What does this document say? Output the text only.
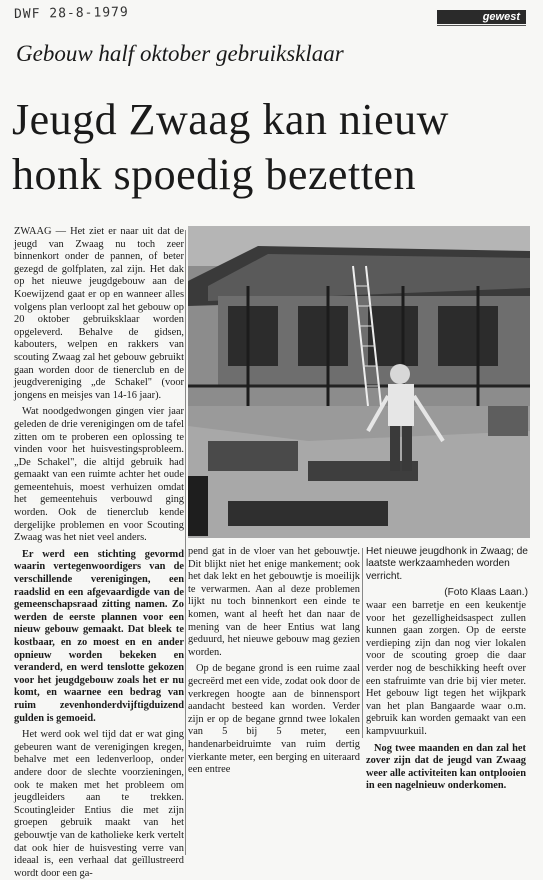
DWF 28-8-1979	gewest
Gebouw half oktober gebruiksklaar
Jeugd Zwaag kan nieuw
honk spoedig bezetten

ZWAAG — Het ziet er naar uit dat de jeugd van Zwaag nu toch zeer binnenkort onder de pannen, of beter gezegd de golfplaten, zal zijn. Het dak op het nieuwe jeugdgebouw aan de Koewijzend gaat er op en wanneer alles volgens plan verloopt zal het gebouw op 20 oktober gebruiksklaar worden opgeleverd. Behalve de gidsen, kabouters, welpen en rakkers van scouting Zwaag zal het gebouw gebruikt gaan worden door de tienerclub en de jeugdvereniging „de Schakel" (voor jongens en meisjes van 14-16 jaar).

Wat noodgedwongen gingen vier jaar geleden de drie verenigingen om de tafel zitten om te proberen een oplossing te vinden voor het huisvestingsprobleem. „De Schakel", die altijd gebruik had gemaakt van een ruimte achter het oude gemeentehuis, moest verhuizen omdat het gemeentehuis verbouwd ging worden. Ook de tienerclub kende dergelijke problemen en voor Scouting Zwaag was het niet veel anders.

Er werd een stichting gevormd waarin vertegenwoordigers van de verschillende verenigingen, een raadslid en een afgevaardigde van de gemeenschapsraad zitting namen. Zo werden de eerste plannen voor een nieuw gebouw gemaakt. Dat bleek te kostbaar, en zo moest en en ander opnieuw worden bekeken en veranderd, en werd tenslotte gekozen voor het jeugdgebouw zoals het er nu komt, en waarnee een bedrag van ruim zevenhonderdvijftigduizend gulden is gemoeid.

Het werd ook wel tijd dat er wat ging gebeuren want de verenigingen kregen, behalve met een ledenverloop, onder andere door de slechte voorzieningen, ook te maken met het probleem om jeugdleiders aan te trekken. Scoutingleider Entius die met zijn groepen gebruik maakt van het gebouwtje van de katholieke kerk vertelt dat ook hier de huisvesting verre van ideaal is, een verhaal dat geïllustreerd wordt door een ga-

pend gat in de vloer van het gebouwtje. Dit blijkt niet het enige mankement; ook het dak lekt en het gebouwtje is moeilijk te verwarmen. Aan al deze problemen lijkt nu toch binnenkort een einde te komen, want al heeft het dan naar de mening van de heer Entius wat lang geduurd, het nieuwe gebouw mag gezien worden.

Op de begane grond is een ruime zaal gecreërd met een vide, zodat ook door de verkregen hoogte aan de binnensport aandacht besteed kan worden. Verder zijn er op de begane grnnd twee lokalen van 5 bij 5 meter, een handenarbeidruimte van ruim dertig vierkante meter, een berging en uiteraard een entree

Het nieuwe jeugdhonk in Zwaag; de laatste werkzaamheden worden verricht.
(Foto Klaas Laan.)

waar een barretje en een keukentje voor het gezelligheidsaspect zullen kunnen gaan zorgen. Op de eerste verdieping zijn dan nog vier lokalen voor de scouting groep die daar verder nog de beschikking heeft over een stafruimte van drie bij vier meter. Het gebouw ligt tegen het wijkpark van het plan Bangaarde waar o.m. gebruik kan worden gemaakt van een kampvuurkuil.

Nog twee maanden en dan zal het zover zijn dat de jeugd van Zwaag weer alle activiteiten kan ontplooien in een nagelnieuw onderkomen.
